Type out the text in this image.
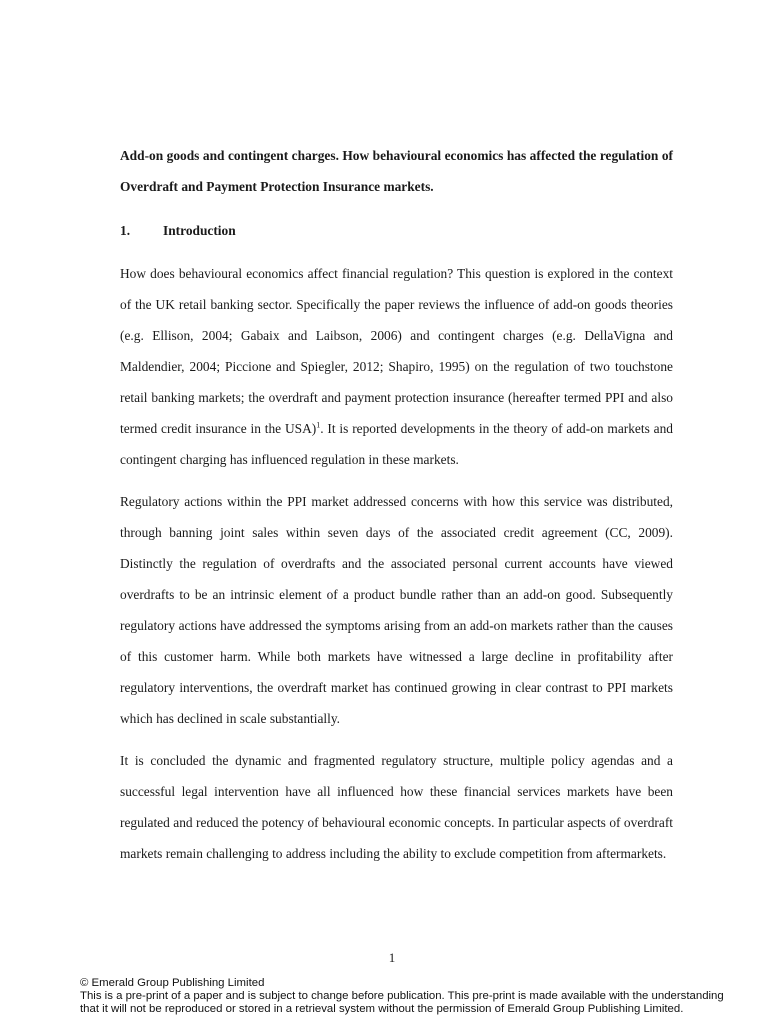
Add-on goods and contingent charges. How behavioural economics has affected the regulation of Overdraft and Payment Protection Insurance markets.

1. Introduction

How does behavioural economics affect financial regulation? This question is explored in the context of the UK retail banking sector. Specifically the paper reviews the influence of add-on goods theories (e.g. Ellison, 2004; Gabaix and Laibson, 2006) and contingent charges (e.g. DellaVigna and Maldendier, 2004; Piccione and Spiegler, 2012; Shapiro, 1995) on the regulation of two touchstone retail banking markets; the overdraft and payment protection insurance (hereafter termed PPI and also termed credit insurance in the USA)$^1$. It is reported developments in the theory of add-on markets and contingent charging has influenced regulation in these markets.

Regulatory actions within the PPI market addressed concerns with how this service was distributed, through banning joint sales within seven days of the associated credit agreement (CC, 2009). Distinctly the regulation of overdrafts and the associated personal current accounts have viewed overdrafts to be an intrinsic element of a product bundle rather than an add-on good. Subsequently regulatory actions have addressed the symptoms arising from an add-on markets rather than the causes of this customer harm. While both markets have witnessed a large decline in profitability after regulatory interventions, the overdraft market has continued growing in clear contrast to PPI markets which has declined in scale substantially.

It is concluded the dynamic and fragmented regulatory structure, multiple policy agendas and a successful legal intervention have all influenced how these financial services markets have been regulated and reduced the potency of behavioural economic concepts. In particular aspects of overdraft markets remain challenging to address including the ability to exclude competition from aftermarkets.

1
© Emerald Group Publishing Limited
This is a pre-print of a paper and is subject to change before publication. This pre-print is made available with the understanding
that it will not be reproduced or stored in a retrieval system without the permission of Emerald Group Publishing Limited.
